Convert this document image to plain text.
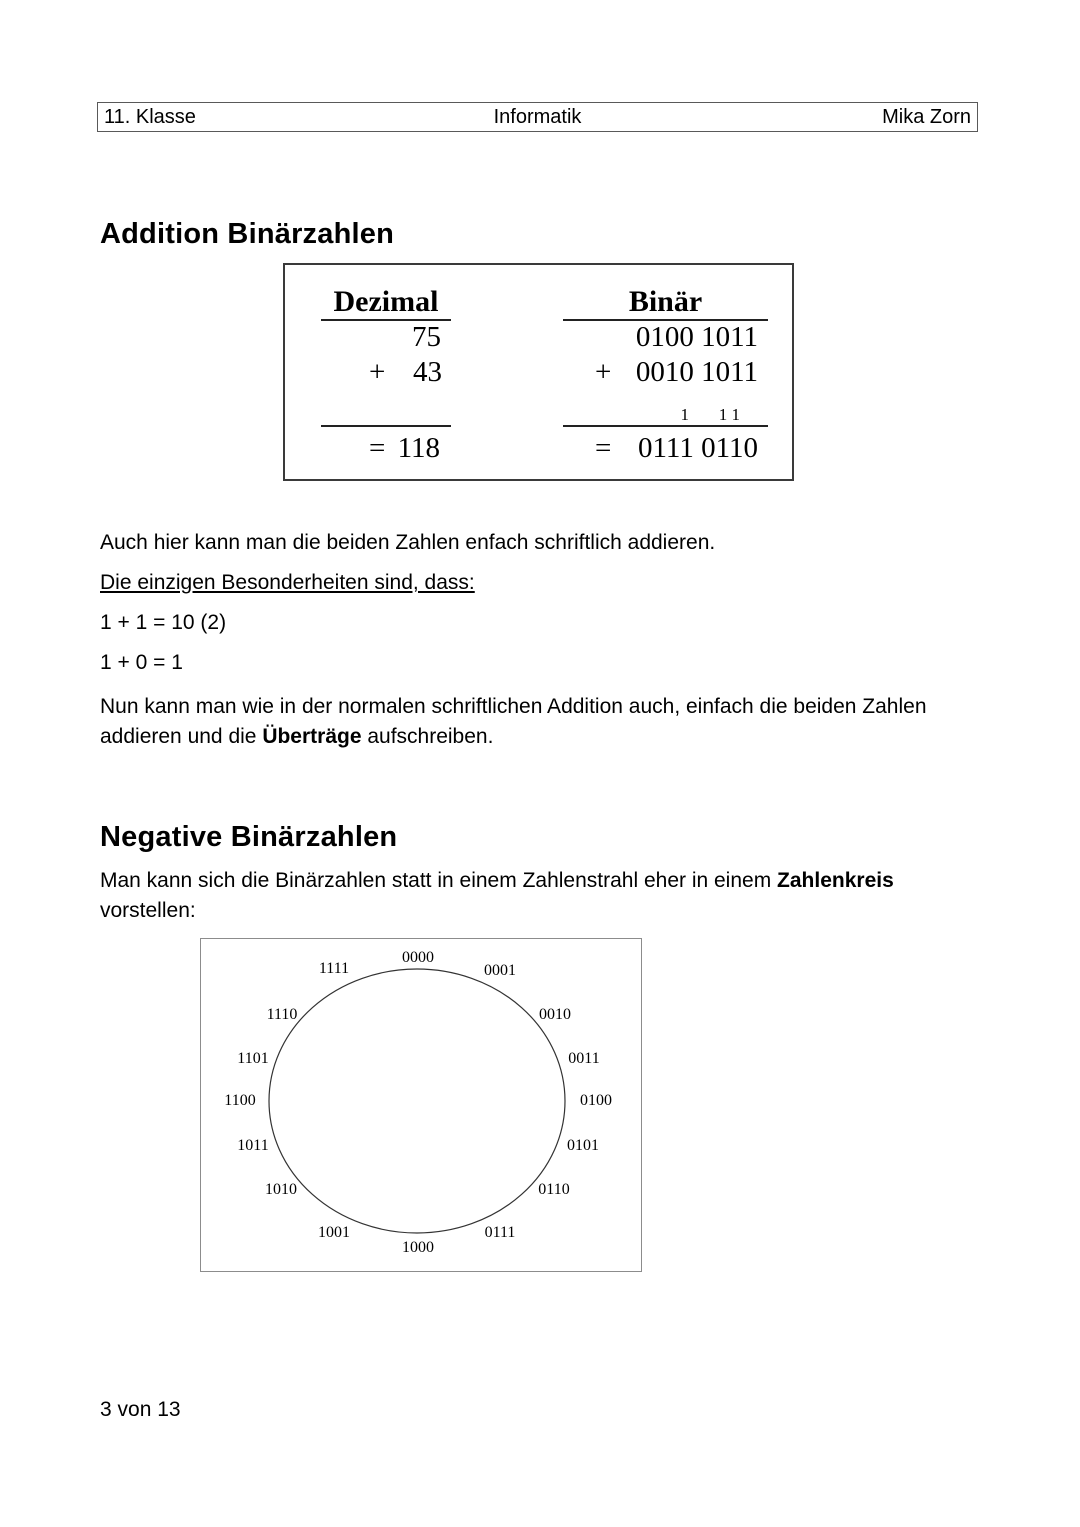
11. Klasse	Informatik	Mika Zorn
Addition Binärzahlen
Dezimal
75
+ 43
= 118
Binär
0100 1011
+ 0010 1011
1       1 1
= 0111 0110
Auch hier kann man die beiden Zahlen enfach schriftlich addieren.
Die einzigen Besonderheiten sind, dass:
1 + 1 = 10 (2)
1 + 0 = 1
Nun kann man wie in der normalen schriftlichen Addition auch, einfach die beiden Zahlen
addieren und die Überträge aufschreiben.
Negative Binärzahlen
Man kann sich die Binärzahlen statt in einem Zahlenstrahl eher in einem Zahlenkreis
vorstellen:
0000
0001
0010
0011
0100
0101
0110
0111
1000
1001
1010
1011
1100
1101
1110
1111
3 von 13
